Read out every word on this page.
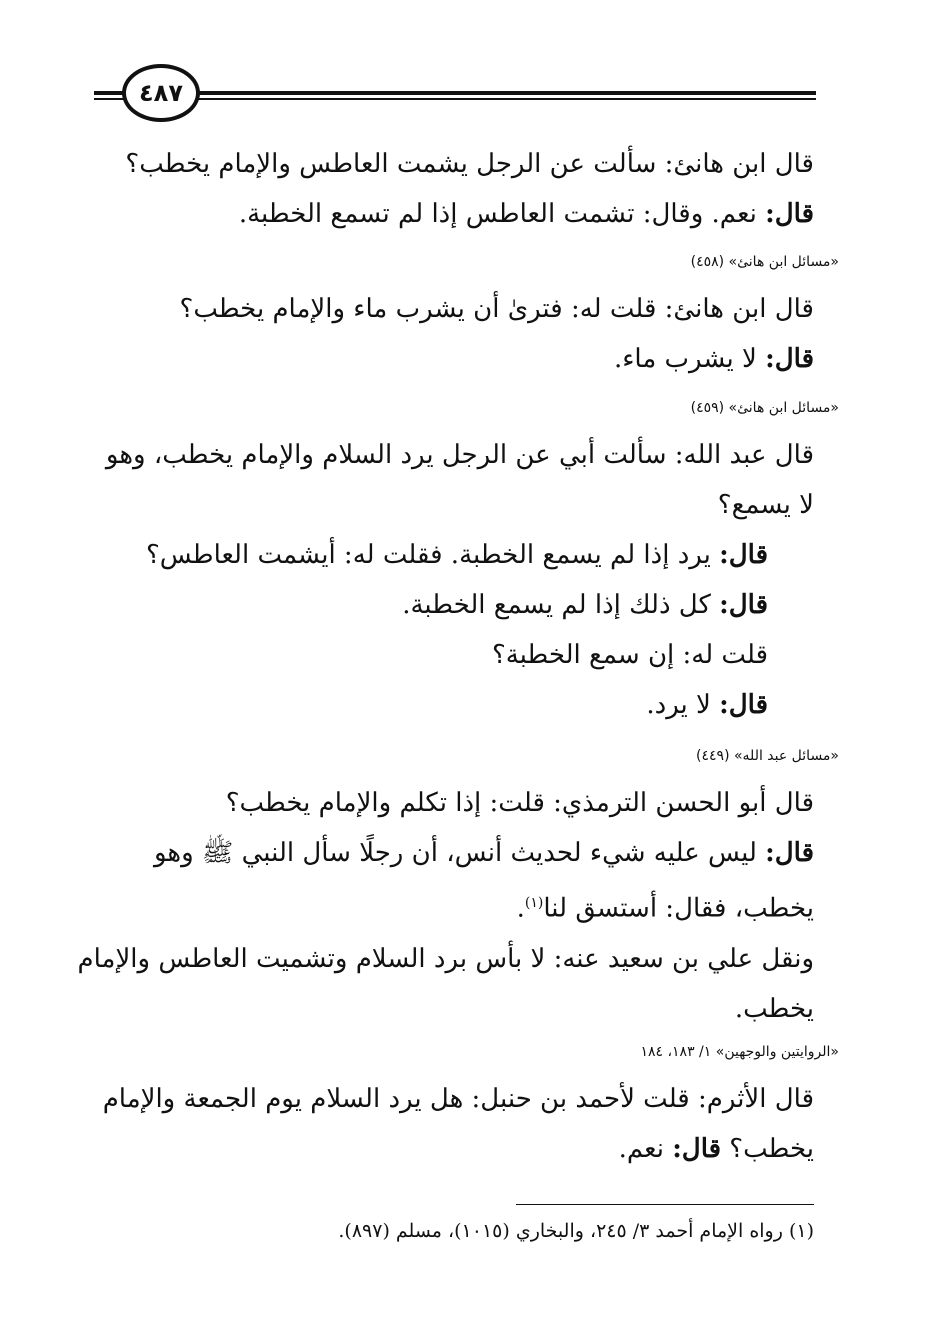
٤٨٧
قال ابن هانئ: سألت عن الرجل يشمت العاطس والإمام يخطب؟
قال: نعم. وقال: تشمت العاطس إذا لم تسمع الخطبة.
«مسائل ابن هانئ» (٤٥٨)
قال ابن هانئ: قلت له: فترىٰ أن يشرب ماء والإمام يخطب؟
قال: لا يشرب ماء.
«مسائل ابن هانئ» (٤٥٩)
قال عبد الله: سألت أبي عن الرجل يرد السلام والإمام يخطب، وهو
لا يسمع؟
قال: يرد إذا لم يسمع الخطبة. فقلت له: أيشمت العاطس؟
قال: كل ذلك إذا لم يسمع الخطبة.
قلت له: إن سمع الخطبة؟
قال: لا يرد.
«مسائل عبد الله» (٤٤٩)
قال أبو الحسن الترمذي: قلت: إذا تكلم والإمام يخطب؟
قال: ليس عليه شيء لحديث أنس، أن رجلًا سأل النبي ﷺ وهو
يخطب، فقال: أستسق لنا$^{(١)}$.
ونقل علي بن سعيد عنه: لا بأس برد السلام وتشميت العاطس والإمام
يخطب.
«الروايتين والوجهين» ١/ ١٨٣، ١٨٤
قال الأثرم: قلت لأحمد بن حنبل: هل يرد السلام يوم الجمعة والإمام
يخطب؟ قال: نعم.
(١) رواه الإمام أحمد ٣/ ٢٤٥، والبخاري (١٠١٥)، مسلم (٨٩٧).
